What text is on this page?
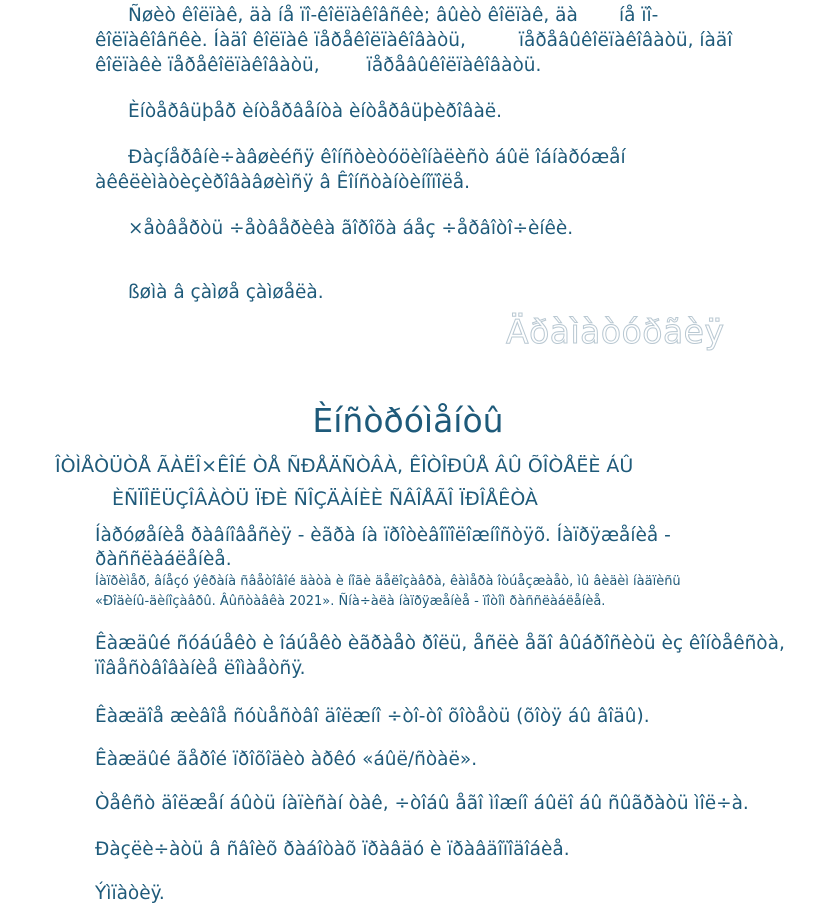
Ñøèò êîëïàê, äà íå ïî-êîëïàêîâñêè; âûèò êîëïàê, äà       íå ïî-

êîëïàêîâñêè. Íàäî êîëïàê ïåðåêîëïàêîâàòü,         ïåðåâûêîëïàêîâàòü, íàäî

êîëïàêè ïåðåêîëïàêîâàòü,        ïåðåâûêîëïàêîâàòü.

Èíòåðâüþåð èíòåðâåíòà èíòåðâüþèðîâàë.

Ðàçíåðâíè÷àâøèéñÿ êîíñòèòóöèîíàëèñò áûë îáíàðóæåí

àêêëèìàòèçèðîâàâøèìñÿ â Êîíñòàíòèíîïîëå.

×åòâåðòü ÷åòâåðèêà ãîðîõà áåç ÷åðâîòî÷èíêè.

ßøìà â çàìøå çàìøåëà.

Äðàìàòóðãèÿ
Èíñòðóìåíòû

ÎÒÌÅÒÜÒÅ ÃÀËÎ×ÊÎÉ ÒÅ ÑÐÅÄÑÒÂÀ, ÊÎÒÎÐÛÅ ÂÛ ÕÎÒÅËÈ ÁÛ

ÈÑÏÎËÜÇÎÂÀÒÜ ÏÐÈ ÑÎÇÄÀÍÈÈ ÑÂÎÅÃÎ ÏÐÎÅÊÒÀ

Íàðóøåíèå ðàâíîâåñèÿ - èãðà íà ïðîòèâîïîëîæíîñòÿõ. Íàïðÿæåíèå -

ðàññëàáëåíèå.

Íàïðèìåð, âíåçó ýêðàíà ñâåòîâîé äàòà è íîãè äåëîçàâðà, êàìåðà îòúåçæàåò, ìû âèäèì íàäïèñü

«Ðîäèíû-äèíîçàâðû. Âûñòàâêà 2021». Ñíà÷àëà íàïðÿæåíèå - ïîòîì ðàññëàáëåíèå.

Êàæäûé ñóáúåêò è îáúåêò èãðàåò ðîëü, åñëè åãî âûáðîñèòü èç êîíòåêñòà,

ïîâåñòâîâàíèå ëîìàåòñÿ.

Êàæäîå æèâîå ñóùåñòâî äîëæíî ÷òî-òî õîòåòü (õîòÿ áû âîäû).

Êàæäûé ãåðîé ïðîõîäèò àðêó «áûë/ñòàë».

Òåêñò äîëæåí áûòü íàïèñàí òàê, ÷òîáû åãî ìîæíî áûëî áû ñûãðàòü ìîë÷à.

Ðàçëè÷àòü â ñâîèõ ðàáîòàõ ïðàâäó è ïðàâäîïîäîáèå.

Ýìïàòèÿ.
